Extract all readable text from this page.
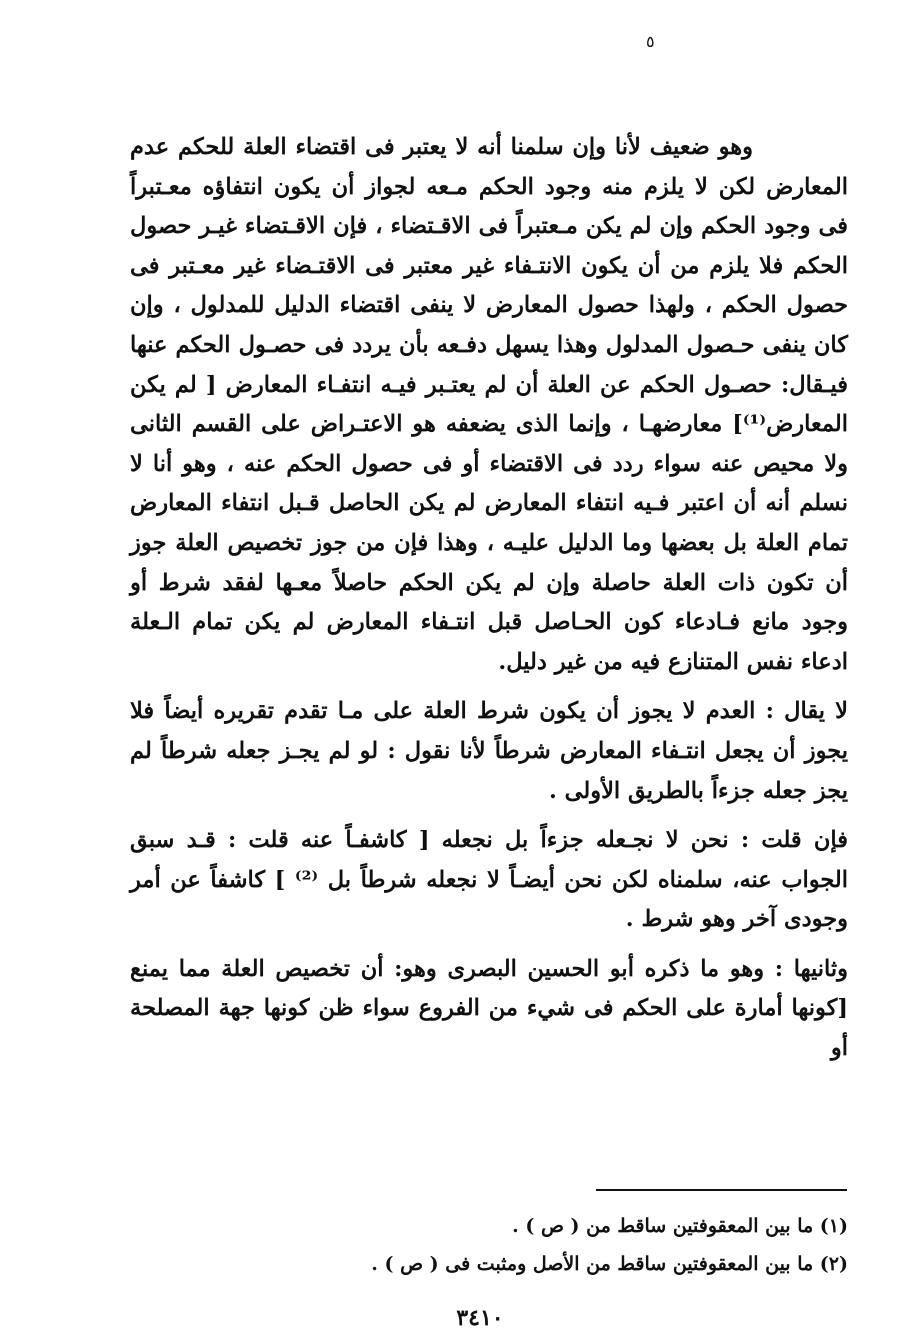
٥

وهو ضعيف لأنا وإن سلمنا أنه لا يعتبر فى اقتضاء العلة للحكم عدم المعارض لكن لا يلزم منه وجود الحكم مـعه لجواز أن يكون انتفاؤه معـتبراً فى وجود الحكم وإن لم يكن مـعتبراً فى الاقـتضاء ، فإن الاقـتضاء غيـر حصول الحكم فلا يلزم من أن يكون الانتـفاء غير معتبر فى الاقتـضاء غير معـتبر فى حصول الحكم ، ولهذا حصول المعارض لا ينفى اقتضاء الدليل للمدلول ، وإن كان ينفى حـصول المدلول وهذا يسهل دفـعه بأن يردد فى حصـول الحكم عنها فيـقال: حصـول الحكم عن العلة أن لم يعتـبر فيـه انتفـاء المعارض [ لم يكن المعارض⁽¹⁾] معارضهـا ، وإنما الذى يضعفه هو الاعتـراض على القسم الثانى ولا محيص عنه سواء ردد فى الاقتضاء أو فى حصول الحكم عنه ، وهو أنا لا نسلم أنه أن اعتبر فـيه انتفاء المعارض لم يكن الحاصل قـبل انتفاء المعارض تمام العلة بل بعضها وما الدليل عليـه ، وهذا فإن من جوز تخصيص العلة جوز أن تكون ذات العلة حاصلة وإن لم يكن الحكم حاصلاً معـها لفقد شرط أو وجود مانع فـادعاء كون الحـاصل قبل انتـفاء المعارض لم يكن تمام الـعلة ادعاء نفس المتنازع فيه من غير دليل.

لا يقال : العدم لا يجوز أن يكون شرط العلة على مـا تقدم تقريره أيضاً فلا يجوز أن يجعل انتـفاء المعارض شرطاً لأنا نقول : لو لم يجـز جعله شرطاً لم يجز جعله جزءاً بالطريق الأولى .

فإن قلت : نحن لا نجـعله جزءاً بل نجعله [ كاشفـاً عنه قلت : قـد سبق الجواب عنه، سلمناه لكن نحن أيضـاً لا نجعله شرطاً بل ⁽²⁾ ] كاشفاً عن أمر وجودى آخر وهو شرط .

وثانيها : وهو ما ذكره أبو الحسين البصرى وهو: أن تخصيص العلة مما يمنع [كونها أمارة على الحكم فى شيء من الفروع سواء ظن كونها جهة المصلحة أو

(١) ما بين المعقوفتين ساقط من ( ص ) .

(٢) ما بين المعقوفتين ساقط من الأصل ومثبت فى ( ص ) .

٣٤١٠
